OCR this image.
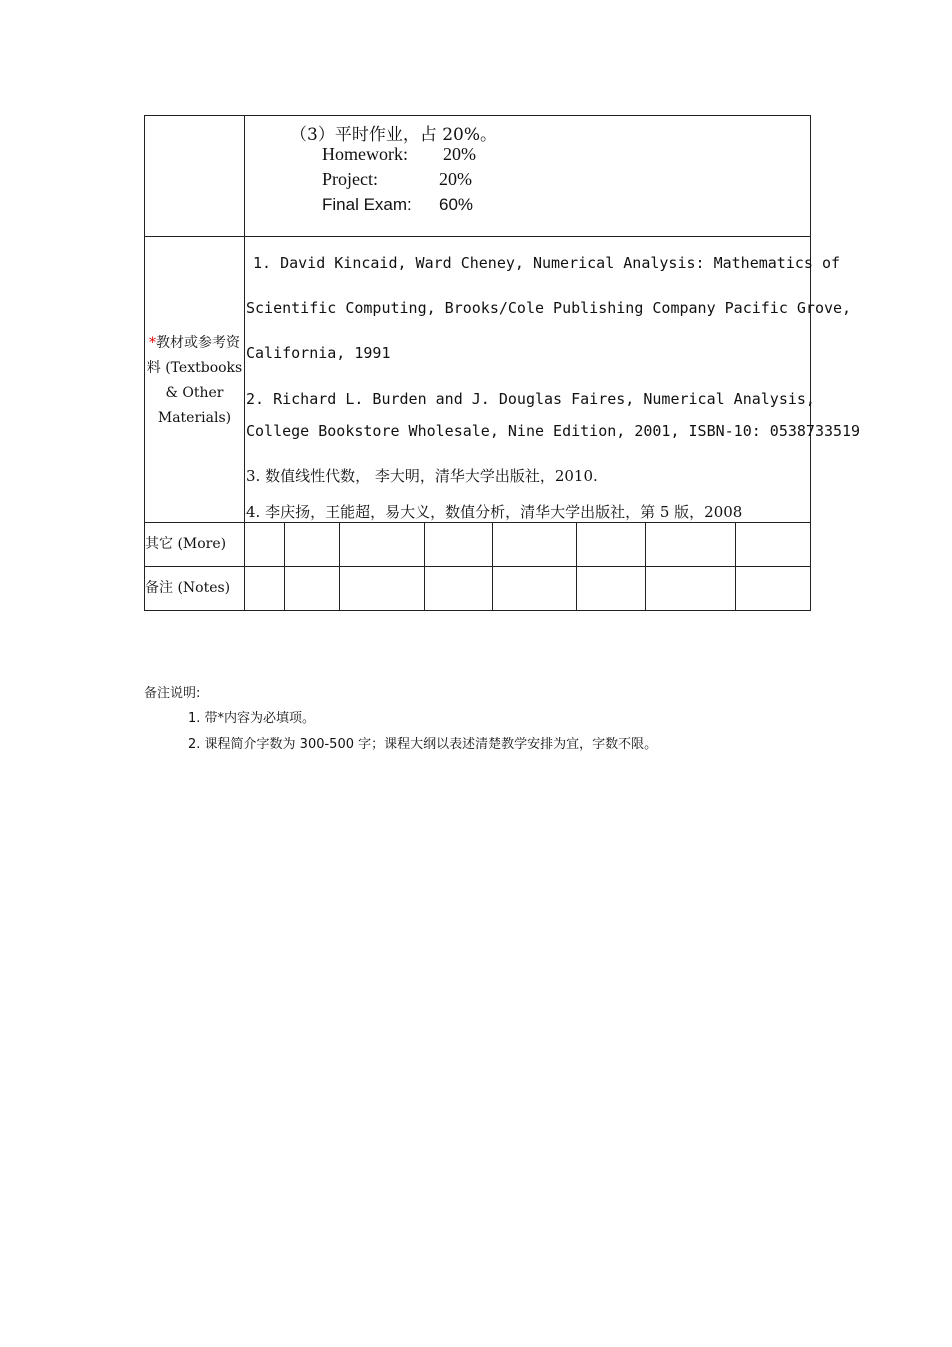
（3）平时作业，占 20%。
Homework: 20%
Project:	20%
Final Exam: 60%
*教材或参考资
料 (Textbooks
& Other
Materials)
1. David Kincaid, Ward Cheney, Numerical Analysis: Mathematics of
Scientific Computing, Brooks/Cole Publishing Company Pacific Grove,
California, 1991
2. Richard L. Burden and J. Douglas Faires, Numerical Analysis,
College Bookstore Wholesale, Nine Edition, 2001, ISBN-10: 0538733519
3. 数值线性代数， 李大明，清华大学出版社，2010.
4. 李庆扬，王能超，易大义，数值分析，清华大学出版社，第 5 版，2008
其它 (More)
备注 (Notes)
备注说明:
1. 带*内容为必填项。
2. 课程简介字数为 300-500 字；课程大纲以表述清楚教学安排为宜，字数不限。
